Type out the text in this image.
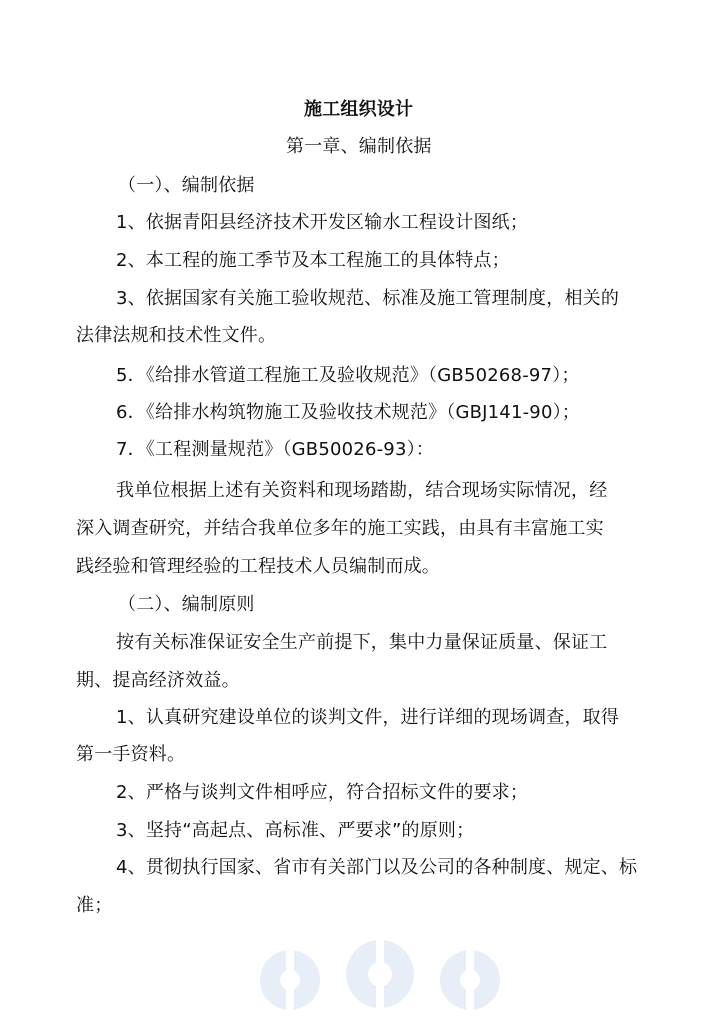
施工组织设计
第一章、编制依据
（一）、编制依据
1、依据青阳县经济技术开发区输水工程设计图纸；
2、本工程的施工季节及本工程施工的具体特点；
3、依据国家有关施工验收规范、标准及施工管理制度，相关的
法律法规和技术性文件。
5．《给排水管道工程施工及验收规范》（GB50268-97）；
6．《给排水构筑物施工及验收技术规范》（GBJ141-90）；
7．《工程测量规范》（GB50026-93）：
我单位根据上述有关资料和现场踏勘，结合现场实际情况，经
深入调查研究，并结合我单位多年的施工实践，由具有丰富施工实
践经验和管理经验的工程技术人员编制而成。
（二）、编制原则
按有关标准保证安全生产前提下，集中力量保证质量、保证工
期、提高经济效益。
1、认真研究建设单位的谈判文件，进行详细的现场调查，取得
第一手资料。
2、严格与谈判文件相呼应，符合招标文件的要求；
3、坚持“高起点、高标准、严要求”的原则；
4、贯彻执行国家、省市有关部门以及公司的各种制度、规定、标
准；
